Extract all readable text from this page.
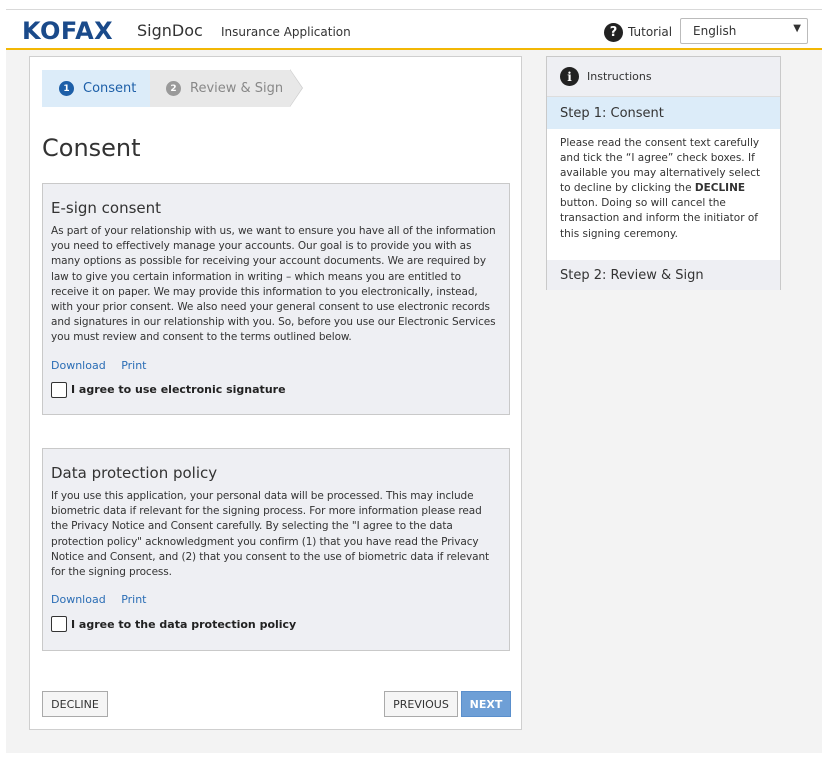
KOFAX SignDoc Insurance Application	? Tutorial	English	▼
1	Consent	2	Review & Sign
Consent
E-sign consent
As part of your relationship with us, we want to ensure you have all of the information you need to effectively manage your accounts. Our goal is to provide you with as many options as possible for receiving your account documents. We are required by law to give you certain information in writing – which means you are entitled to receive it on paper. We may provide this information to you electronically, instead, with your prior consent. We also need your general consent to use electronic records and signatures in our relationship with you. So, before you use our Electronic Services you must review and consent to the terms outlined below.
Download Print
I agree to use electronic signature
Data protection policy
If you use this application, your personal data will be processed. This may include biometric data if relevant for the signing process. For more information please read the Privacy Notice and Consent carefully. By selecting the "I agree to the data protection policy" acknowledgment you confirm (1) that you have read the Privacy Notice and Consent, and (2) that you consent to the use of biometric data if relevant for the signing process.
Download Print
I agree to the data protection policy
DECLINE	PREVIOUS	NEXT
i	Instructions
Step 1: Consent
Please read the consent text carefully and tick the “I agree” check boxes. If available you may alternatively select to decline by clicking the DECLINE button. Doing so will cancel the transaction and inform the initiator of this signing ceremony.
Step 2: Review & Sign
